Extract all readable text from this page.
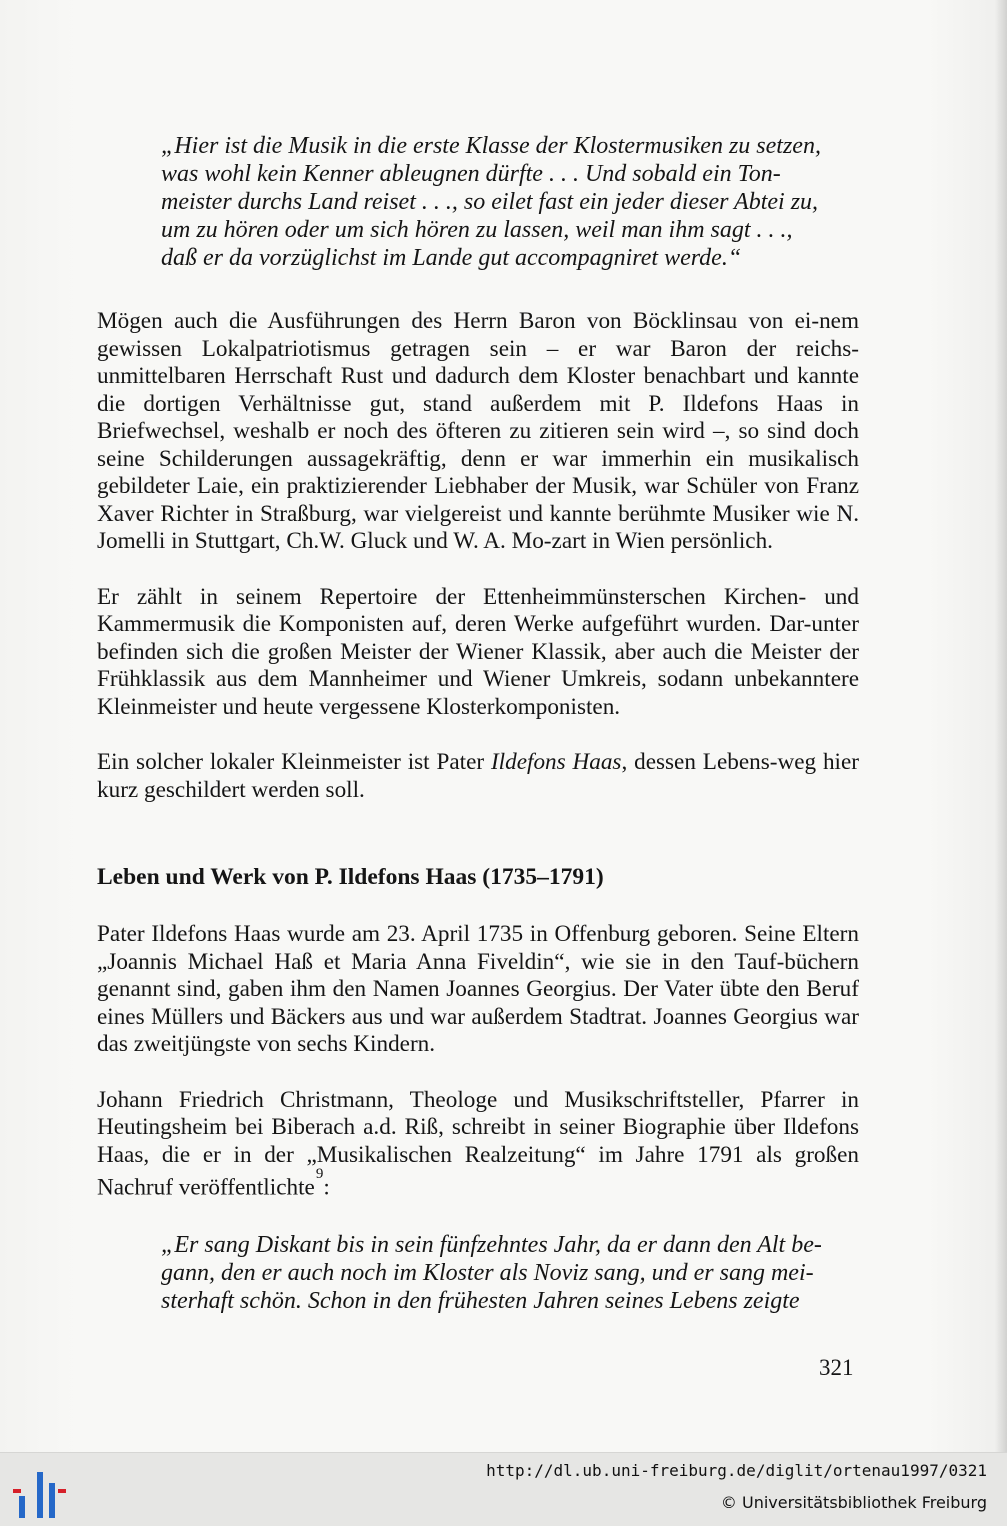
„Hier ist die Musik in die erste Klasse der Klostermusiken zu setzen,
was wohl kein Kenner ableugnen dürfte . . . Und sobald ein Ton-
meister durchs Land reiset . . ., so eilet fast ein jeder dieser Abtei zu,
um zu hören oder um sich hören zu lassen, weil man ihm sagt . . .,
daß er da vorzüglichst im Lande gut accompagniret werde.“
Mögen auch die Ausführungen des Herrn Baron von Böcklinsau von ei-nem gewissen Lokalpatriotismus getragen sein – er war Baron der reichs-unmittelbaren Herrschaft Rust und dadurch dem Kloster benachbart und kannte die dortigen Verhältnisse gut, stand außerdem mit P. Ildefons Haas in Briefwechsel, weshalb er noch des öfteren zu zitieren sein wird –, so sind doch seine Schilderungen aussagekräftig, denn er war immerhin ein musikalisch gebildeter Laie, ein praktizierender Liebhaber der Musik, war Schüler von Franz Xaver Richter in Straßburg, war vielgereist und kannte berühmte Musiker wie N. Jomelli in Stuttgart, Ch.W. Gluck und W. A. Mo-zart in Wien persönlich.
Er zählt in seinem Repertoire der Ettenheimmünsterschen Kirchen- und Kammermusik die Komponisten auf, deren Werke aufgeführt wurden. Dar-unter befinden sich die großen Meister der Wiener Klassik, aber auch die Meister der Frühklassik aus dem Mannheimer und Wiener Umkreis, sodann unbekanntere Kleinmeister und heute vergessene Klosterkomponisten.
Ein solcher lokaler Kleinmeister ist Pater Ildefons Haas, dessen Lebens-weg hier kurz geschildert werden soll.
Leben und Werk von P. Ildefons Haas (1735–1791)
Pater Ildefons Haas wurde am 23. April 1735 in Offenburg geboren. Seine Eltern „Joannis Michael Haß et Maria Anna Fiveldin“, wie sie in den Tauf-büchern genannt sind, gaben ihm den Namen Joannes Georgius. Der Vater übte den Beruf eines Müllers und Bäckers aus und war außerdem Stadtrat. Joannes Georgius war das zweitjüngste von sechs Kindern.
Johann Friedrich Christmann, Theologe und Musikschriftsteller, Pfarrer in Heutingsheim bei Biberach a.d. Riß, schreibt in seiner Biographie über Ildefons Haas, die er in der „Musikalischen Realzeitung“ im Jahre 1791 als großen Nachruf veröffentlichte$^9$:
„Er sang Diskant bis in sein fünfzehntes Jahr, da er dann den Alt be-
gann, den er auch noch im Kloster als Noviz sang, und er sang mei-
sterhaft schön. Schon in den frühesten Jahren seines Lebens zeigte
321
http://dl.ub.uni-freiburg.de/diglit/ortenau1997/0321
© Universitätsbibliothek Freiburg
